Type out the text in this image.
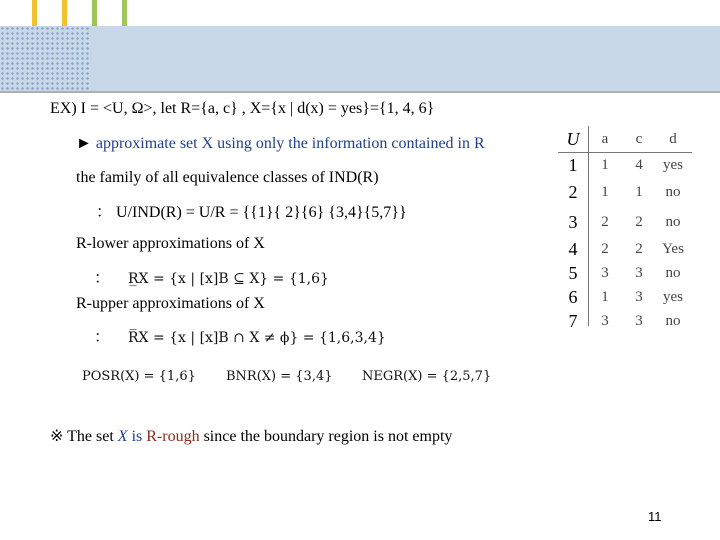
EX) I = <U, Ω>, let R={a, c} , X={x | d(x) = yes}={1, 4, 6}
► approximate set X using only the information contained in R
the family of all equivalence classes of IND(R)
： U/IND(R) = U/R = {{1}{ 2}{6} {3,4}{5,7}}
R-lower approximations of X
： R̲X = {x | [x]B ⊆ X} = {1,6}
R-upper approximations of X
： R̅X = {x | [x]B ∩ X ≠ ϕ} = {1,6,3,4}
POSR(X) = {1,6} BNR(X) = {3,4} NEGR(X) = {2,5,7}
※ The set X is R-rough since the boundary region is not empty
U	a	c	d
1	1	4	yes
2	1	1	no
3	2	2	no
4	2	2	Yes
5	3	3	no
6	1	3	yes
7	3	3	no
11
